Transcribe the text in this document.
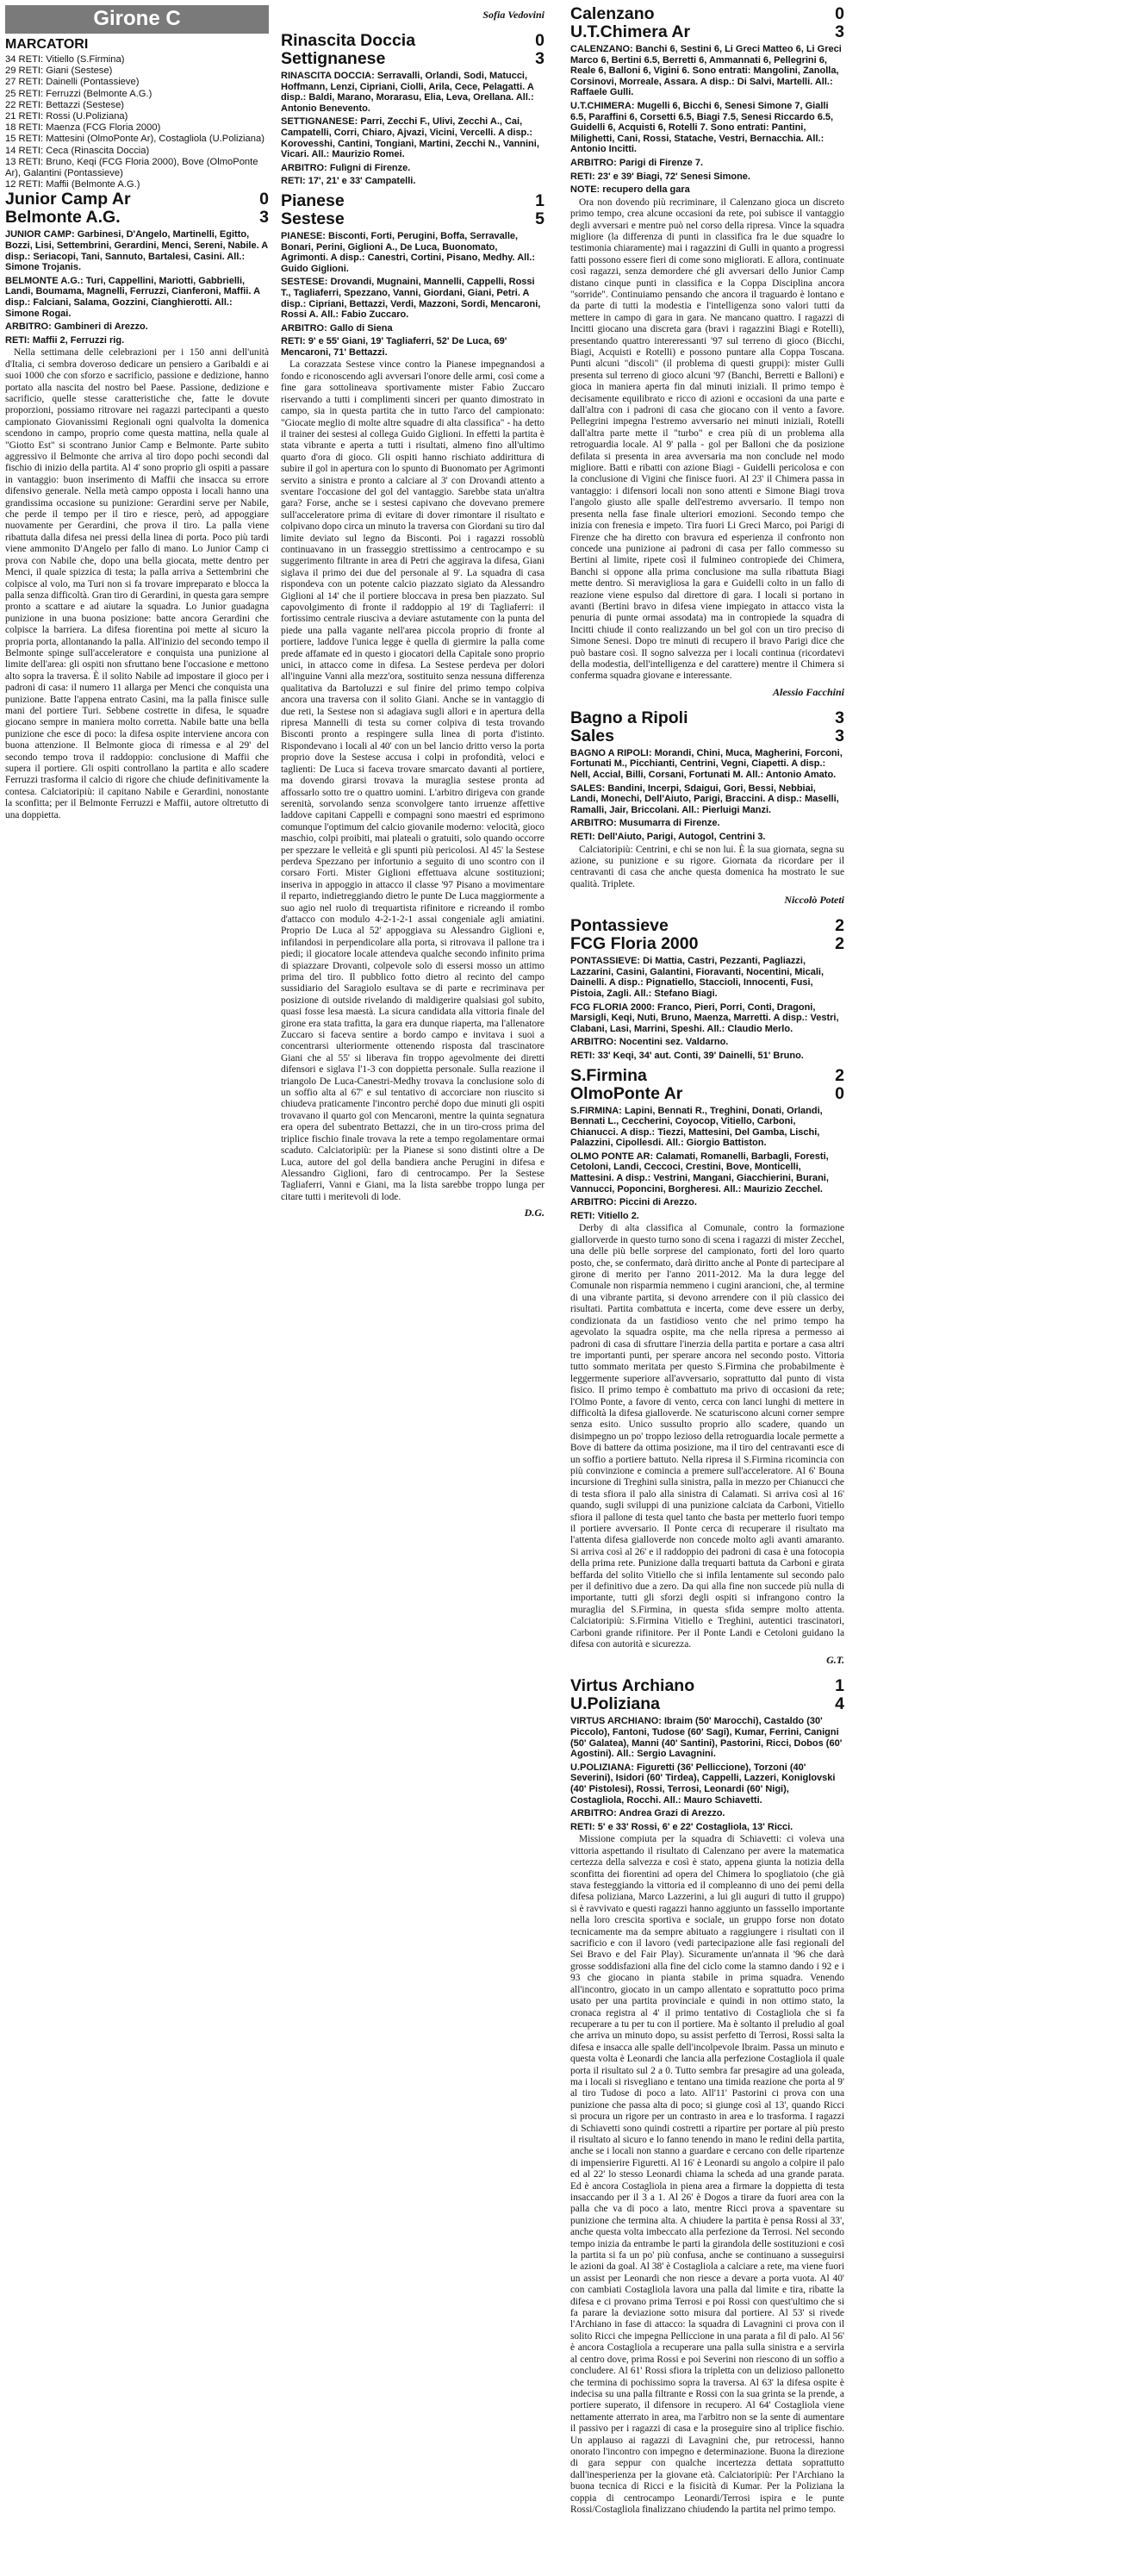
Girone C
MARCATORI

34 RETI: Vitiello (S.Firmina)

29 RETI: Giani (Sestese)

27 RETI: Dainelli (Pontassieve)

25 RETI: Ferruzzi (Belmonte A.G.)

22 RETI: Bettazzi (Sestese)

21 RETI: Rossi (U.Poliziana)

18 RETI: Maenza (FCG Floria 2000)

15 RETI: Mattesini (OlmoPonte Ar), Costagliola (U.Poliziana)

14 RETI: Ceca (Rinascita Doccia)

13 RETI: Bruno, Keqi (FCG Floria 2000), Bove (OlmoPonte Ar), Galantini (Pontassieve)

12 RETI: Maffii (Belmonte A.G.)

Junior Camp Ar	0
Belmonte A.G.	3

JUNIOR CAMP: Garbinesi, D'Angelo, Martinelli, Egitto, Bozzi, Lisi, Settembrini, Gerardini, Menci, Sereni, Nabile. A disp.: Seriacopi, Tani, Sannuto, Bartalesi, Casini. All.: Simone Trojanis.

BELMONTE A.G.: Turi, Cappellini, Mariotti, Gabbrielli, Landi, Boumama, Magnelli, Ferruzzi, Cianferoni, Maffii. A disp.: Falciani, Salama, Gozzini, Cianghierotti. All.: Simone Rogai.

ARBITRO: Gambineri di Arezzo.

RETI: Maffii 2, Ferruzzi rig.

Nella settimana delle celebrazioni per i 150 anni dell'unità d'Italia, ci sembra doveroso dedicare un pensiero a Garibaldi e ai suoi 1000 che con sforzo e sacrificio, passione e dedizione, hanno portato alla nascita del nostro bel Paese. Passione, dedizione e sacrificio, quelle stesse caratteristiche che, fatte le dovute proporzioni, possiamo ritrovare nei ragazzi partecipanti a questo campionato Giovanissimi Regionali ogni qualvolta la domenica scendono in campo, proprio come questa mattina, nella quale al "Giotto Est" si scontrano Junior Camp e Belmonte. Parte subito aggressivo il Belmonte che arriva al tiro dopo pochi secondi dal fischio di inizio della partita. Al 4' sono proprio gli ospiti a passare in vantaggio: buon inserimento di Maffii che insacca su errore difensivo generale. Nella metà campo opposta i locali hanno una grandissima occasione su punizione: Gerardini serve per Nabile, che perde il tempo per il tiro e riesce, però, ad appoggiare nuovamente per Gerardini, che prova il tiro. La palla viene ribattuta dalla difesa nei pressi della linea di porta. Poco più tardi viene ammonito D'Angelo per fallo di mano. Lo Junior Camp ci prova con Nabile che, dopo una bella giocata, mette dentro per Menci, il quale spizzica di testa; la palla arriva a Settembrini che colpisce al volo, ma Turi non si fa trovare impreparato e blocca la palla senza difficoltà. Gran tiro di Gerardini, in questa gara sempre pronto a scattare e ad aiutare la squadra. Lo Junior guadagna punizione in una buona posizione: batte ancora Gerardini che colpisce la barriera. La difesa fiorentina poi mette al sicuro la propria porta, allontanando la palla. All'inizio del secondo tempo il Belmonte spinge sull'acceleratore e conquista una punizione al limite dell'area: gli ospiti non sfruttano bene l'occasione e mettono alto sopra la traversa. È il solito Nabile ad impostare il gioco per i padroni di casa: il numero 11 allarga per Menci che conquista una punizione. Batte l'appena entrato Casini, ma la palla finisce sulle mani del portiere Turi. Sebbene costrette in difesa, le squadre giocano sempre in maniera molto corretta. Nabile batte una bella punizione che esce di poco: la difesa ospite interviene ancora con buona attenzione. Il Belmonte gioca di rimessa e al 29' del secondo tempo trova il raddoppio: conclusione di Maffii che supera il portiere. Gli ospiti controllano la partita e allo scadere Ferruzzi trasforma il calcio di rigore che chiude definitivamente la contesa. Calciatoripiù: il capitano Nabile e Gerardini, nonostante la sconfitta; per il Belmonte Ferruzzi e Maffii, autore oltretutto di una doppietta.

Sofia Vedovini
Rinascita Doccia	0
Settignanese	3

RINASCITA DOCCIA: Serravalli, Orlandi, Sodi, Matucci, Hoffmann, Lenzi, Cipriani, Ciolli, Arila, Cece, Pelagatti. A disp.: Baldi, Marano, Morarasu, Elia, Leva, Orellana. All.: Antonio Benevento.

SETTIGNANESE: Parri, Zecchi F., Ulivi, Zecchi A., Cai, Campatelli, Corri, Chiaro, Ajvazi, Vicini, Vercelli. A disp.: Korovesshi, Cantini, Tongiani, Martini, Zecchi N., Vannini, Vicari. All.: Maurizio Romei.

ARBITRO: Fulìgni di Firenze.

RETI: 17', 21' e 33' Campatelli.

Pianese	1
Sestese	5

PIANESE: Bisconti, Forti, Perugini, Boffa, Serravalle, Bonari, Perini, Giglioni A., De Luca, Buonomato, Agrimonti. A disp.: Canestri, Cortini, Pisano, Medhy. All.: Guido Giglioni.

SESTESE: Drovandi, Mugnaini, Mannelli, Cappelli, Rossi T., Tagliaferri, Spezzano, Vanni, Giordani, Giani, Petri. A disp.: Cipriani, Bettazzi, Verdi, Mazzoni, Sordi, Mencaroni, Rossi A. All.: Fabio Zuccaro.

ARBITRO: Gallo di Siena

RETI: 9' e 55' Giani, 19' Tagliaferri, 52' De Luca, 69' Mencaroni, 71' Bettazzi.

La corazzata Sestese vince contro la Pianese impegnandosi a fondo e riconoscendo agli avversari l'onore delle armi, così come a fine gara sottolineava sportivamente mister Fabio Zuccaro riservando a tutti i complimenti sinceri per quanto dimostrato in campo, sia in questa partita che in tutto l'arco del campionato: "Giocate meglio di molte altre squadre di alta classifica" - ha detto il trainer dei sestesi al collega Guido Giglioni. In effetti la partita è stata vibrante e aperta a tutti i risultati, almeno fino all'ultimo quarto d'ora di gioco. Gli ospiti hanno rischiato addirittura di subire il gol in apertura con lo spunto di Buonomato per Agrimonti servito a sinistra e pronto a calciare al 3' con Drovandi attento a sventare l'occasione del gol del vantaggio. Sarebbe stata un'altra gara? Forse, anche se i sestesi capivano che dovevano premere sull'acceleratore prima di evitare di dover rimontare il risultato e colpivano dopo circa un minuto la traversa con Giordani su tiro dal limite deviato sul legno da Bisconti. Poi i ragazzi rossoblù continuavano in un frasseggio strettissimo a centrocampo e su suggerimento filtrante in area di Petri che aggirava la difesa, Giani siglava il primo dei due del personale al 9'. La squadra di casa rispondeva con un potente calcio piazzato sigiato da Alessandro Giglioni al 14' che il portiere bloccava in presa ben piazzato. Sul capovolgimento di fronte il raddoppio al 19' di Tagliaferri: il fortissimo centrale riusciva a deviare astutamente con la punta del piede una palla vagante nell'area piccola proprio di fronte al portiere, laddove l'unica legge è quella di giermire la palla come prede affamate ed in questo i giocatori della Capitale sono proprio unici, in attacco come in difesa. La Sestese perdeva per dolori all'inguine Vanni alla mezz'ora, sostituito senza nessuna differenza qualitativa da Bartoluzzi e sul finire del primo tempo colpiva ancora una traversa con il solito Giani. Anche se in vantaggio di due reti, la Sestese non si adagiava sugli allori e in apertura della ripresa Mannelli di testa su corner colpiva di testa trovando Bisconti pronto a respingere sulla linea di porta d'istinto. Rispondevano i locali al 40' con un bel lancio dritto verso la porta proprio dove la Sestese accusa i colpi in profondità, veloci e taglienti: De Luca si faceva trovare smarcato davanti al portiere, ma dovendo girarsi trovava la muraglia sestese pronta ad affossarlo sotto tre o quattro uomini. L'arbitro dirigeva con grande serenità, sorvolando senza sconvolgere tanto irruenze affettive laddove capitani Cappelli e compagni sono maestri ed esprimono comunque l'optimum del calcio giovanile moderno: velocità, gioco maschio, colpi proibiti, mai plateali o gratuiti, solo quando occorre per spezzare le velleità e gli spunti più pericolosi. Al 45' la Sestese perdeva Spezzano per infortunio a seguito di uno scontro con il corsaro Forti. Mister Giglioni effettuava alcune sostituzioni; inseriva in appoggio in attacco il classe '97 Pisano a movimentare il reparto, indietreggiando dietro le punte De Luca maggiormente a suo agio nel ruolo di trequartista rifinitore e ricreando il rombo d'attacco con modulo 4-2-1-2-1 assai congeniale agli amiatini. Proprio De Luca al 52' appoggiava su Alessandro Giglioni e, infilandosi in perpendicolare alla porta, si ritrovava il pallone tra i piedi; il giocatore locale attendeva qualche secondo infinito prima di spiazzare Drovanti, colpevole solo di essersi mosso un attimo prima del tiro. Il pubblico fotto dietro al recinto del campo sussidiario del Saragiolo esultava se di parte e recriminava per posizione di outside rivelando di maldigerire qualsiasi gol subito, quasi fosse lesa maestà. La sicura candidata alla vittoria finale del girone era stata trafitta, la gara era dunque riaperta, ma l'allenatore Zuccaro si faceva sentire a bordo campo e invitava i suoi a concentrarsi ulteriormente ottenendo risposta dal trascinatore Giani che al 55' si liberava fin troppo agevolmente dei diretti difensori e siglava l'1-3 con doppietta personale. Sulla reazione il triangolo De Luca-Canestri-Medhy trovava la conclusione solo di un soffio alta al 67' e sul tentativo di accorciare non riuscito si chiudeva praticamente l'incontro perché dopo due minuti gli ospiti trovavano il quarto gol con Mencaroni, mentre la quinta segnatura era opera del subentrato Bettazzi, che in un tiro-cross prima del triplice fischio finale trovava la rete a tempo regolamentare ormai scaduto. Calciatoripiù: per la Pianese si sono distinti oltre a De Luca, autore del gol della bandiera anche Perugini in difesa e Alessandro Giglioni, faro di centrocampo. Per la Sestese Tagliaferri, Vanni e Giani, ma la lista sarebbe troppo lunga per citare tutti i meritevoli di lode.

D.G.
Calenzano	0
U.T.Chimera Ar	3

CALENZANO: Banchi 6, Sestini 6, Li Greci Matteo 6, Li Greci Marco 6, Bertini 6.5, Berretti 6, Ammannati 6, Pellegrini 6, Reale 6, Balloni 6, Vigini 6. Sono entrati: Mangolini, Zanolla, Corsinovi, Morreale, Assara. A disp.: Di Salvi, Martelli. All.: Raffaele Gulli.

U.T.CHIMERA: Mugelli 6, Bicchi 6, Senesi Simone 7, Gialli 6.5, Paraffini 6, Corsetti 6.5, Biagi 7.5, Senesi Riccardo 6.5, Guidelli 6, Acquisti 6, Rotelli 7. Sono entrati: Pantini, Milighetti, Cani, Rossi, Statache, Vestri, Bernacchia. All.: Antonio Incitti.

ARBITRO: Parigi di Firenze 7.

RETI: 23' e 39' Biagi, 72' Senesi Simone.

NOTE: recupero della gara

Ora non dovendo più recriminare, il Calenzano gioca un discreto primo tempo, crea alcune occasioni da rete, poi subisce il vantaggio degli avversari e mentre può nel corso della ripresa. Vince la squadra migliore (la differenza di punti in classifica fra le due squadre lo testimonia chiaramente) mai i ragazzini di Gulli in quanto a progressi fatti possono essere fieri di come sono migliorati. E allora, continuate così ragazzi, senza demordere ché gli avversari dello Junior Camp distano cinque punti in classifica e la Coppa Disciplina ancora "sorride". Continuiamo pensando che ancora il traguardo è lontano e da parte di tutti la modestia e l'intelligenza sono valori tutti da mettere in campo di gara in gara. Ne mancano quattro. I ragazzi di Incitti giocano una discreta gara (bravi i ragazzini Biagi e Rotelli), presentando quattro intereressanti '97 sul terreno di gioco (Bicchi, Biagi, Acquisti e Rotelli) e possono puntare alla Coppa Toscana. Punti alcuni "discoli" (il problema di questi gruppi): mister Gulli presenta sul terreno di gioco alcuni '97 (Banchi, Berretti e Balloni) e gioca in maniera aperta fin dal minuti iniziali. Il primo tempo è decisamente equilibrato e ricco di azioni e occasioni da una parte e dall'altra con i padroni di casa che giocano con il vento a favore. Pellegrini impegna l'estremo avversario nei minuti iniziali, Rotelli dall'altra parte mette il "turbo" e crea più di un problema alla retroguardia locale. Al 9' palla - gol per Balloni che da posizione defilata si presenta in area avversaria ma non conclude nel modo migliore. Batti e ribatti con azione Biagi - Guidelli pericolosa e con la conclusione di Vigini che finisce fuori. Al 23' il Chimera passa in vantaggio: i difensori locali non sono attenti e Simone Biagi trova l'angolo giusto alle spalle dell'estremo avversario. Il tempo non presenta nella fase finale ulteriori emozioni. Secondo tempo che inizia con frenesia e impeto. Tira fuori Li Greci Marco, poi Parigi di Firenze che ha diretto con bravura ed esperienza il confronto non concede una punizione ai padroni di casa per fallo commesso su Bertini al limite, ripete così il fulmineo contropiede dei Chimera, Banchi si oppone alla prima conclusione ma sulla ribattuta Biagi mette dentro. Sì meravigliosa la gara e Guidelli colto in un fallo di reazione viene espulso dal direttore di gara. I locali si portano in avanti (Bertini bravo in difesa viene impiegato in attacco vista la penuria di punte ormai assodata) ma in contropiede la squadra di Incitti chiude il conto realizzando un bel gol con un tiro preciso di Simone Senesi. Dopo tre minuti di recupero il bravo Parigi dice che può bastare così. Il sogno salvezza per i locali continua (ricordatevi della modestia, dell'intelligenza e del carattere) mentre il Chimera si conferma squadra giovane e interessante.

Alessio Facchini
Bagno a Ripoli	3
Sales	3

BAGNO A RIPOLI: Morandi, Chini, Muca, Magherini, Forconi, Fortunati M., Picchianti, Centrini, Vegni, Ciapetti. A disp.: Nell, Accial, Billi, Corsani, Fortunati M. All.: Antonio Amato.

SALES: Bandini, Incerpi, Sdaigui, Gori, Bessi, Nebbiai, Landi, Monechi, Dell'Aiuto, Parigi, Braccini. A disp.: Maselli, Ramalli, Jair, Briccolani. All.: Pierluigi Manzi.

ARBITRO: Musumarra di Firenze.

RETI: Dell'Aiuto, Parigi, Autogol, Centrini 3.

Calciatoripiù: Centrini, e chi se non lui. È la sua giornata, segna su azione, su punizione e su rigore. Giornata da ricordare per il centravanti di casa che anche questa domenica ha mostrato le sue qualità. Triplete.

Niccolò Poteti
Pontassieve	2
FCG Floria 2000	2

PONTASSIEVE: Di Mattia, Castri, Pezzanti, Pagliazzi, Lazzarini, Casini, Galantini, Fioravanti, Nocentini, Micali, Dainelli. A disp.: Pignatiello, Staccioli, Innocenti, Fusi, Pistoia, Zagli. All.: Stefano Biagi.

FCG FLORIA 2000: Franco, Pieri, Porri, Conti, Dragoni, Marsigli, Keqi, Nuti, Bruno, Maenza, Marretti. A disp.: Vestri, Clabani, Lasi, Marrini, Speshi. All.: Claudio Merlo.

ARBITRO: Nocentini sez. Valdarno.

RETI: 33' Keqi, 34' aut. Conti, 39' Dainelli, 51' Bruno.

S.Firmina	2
OlmoPonte Ar	0

S.FIRMINA: Lapini, Bennati R., Treghini, Donati, Orlandi, Bennati L., Ceccherini, Coyocop, Vitiello, Carboni, Chianucci. A disp.: Tiezzi, Mattesini, Del Gamba, Lischi, Palazzini, Cipollesdi. All.: Giorgio Battiston.

OLMO PONTE AR: Calamati, Romanelli, Barbagli, Foresti, Cetoloni, Landi, Ceccoci, Crestini, Bove, Monticelli, Mattesini. A disp.: Vestrini, Mangani, Giacchierini, Burani, Vannucci, Poponcini, Borgheresi. All.: Maurizio Zecchel.

ARBITRO: Piccini di Arezzo.

RETI: Vitiello 2.

Derby di alta classifica al Comunale, contro la formazione giallorverde in questo turno sono di scena i ragazzi di mister Zecchel, una delle più belle sorprese del campionato, forti del loro quarto posto, che, se confermato, darà diritto anche al Ponte di partecipare al girone di merito per l'anno 2011-2012. Ma la dura legge del Comunale non risparmia nemmeno i cugini arancioni, che, al termine di una vibrante partita, si devono arrendere con il più classico dei risultati. Partita combattuta e incerta, come deve essere un derby, condizionata da un fastidioso vento che nel primo tempo ha agevolato la squadra ospite, ma che nella ripresa a permesso ai padroni di casa di sfruttare l'inerzia della partita e portare a casa altri tre importanti punti, per sperare ancora nel secondo posto. Vittoria tutto sommato meritata per questo S.Firmina che probabilmente è leggermente superiore all'avversario, soprattutto dal punto di vista fisico. Il primo tempo è combattuto ma privo di occasioni da rete; l'Olmo Ponte, a favore di vento, cerca con lanci lunghi di mettere in difficoltà la difesa gialloverde. Ne scaturiscono alcuni corner sempre senza esito. Unico sussulto proprio allo scadere, quando un disimpegno un po' troppo lezioso della retroguardia locale permette a Bove di battere da ottima posizione, ma il tiro del centravanti esce di un soffio a portiere battuto. Nella ripresa il S.Firmina ricomincia con più convinzione e comincia a premere sull'acceleratore. Al 6' Bouna incursione di Treghini sulla sinistra, palla in mezzo per Chianucci che di testa sfiora il palo alla sinistra di Calamati. Si arriva così al 16' quando, sugli sviluppi di una punizione calciata da Carboni, Vitiello sfiora il pallone di testa quel tanto che basta per metterlo fuori tempo il portiere avversario. Il Ponte cerca di recuperare il risultato ma l'attenta difesa gialloverde non concede molto agli avanti amaranto. Si arriva così al 26' e il raddoppio dei padroni di casa è una fotocopia della prima rete. Punizione dalla trequarti battuta da Carboni e girata beffarda del solito Vitiello che si infila lentamente sul secondo palo per il definitivo due a zero. Da qui alla fine non succede più nulla di importante, tutti gli sforzi degli ospiti si infrangono contro la muraglia del S.Firmina, in questa sfida sempre molto attenta. Calciatoripiù: S.Firmina Vitiello e Treghini, autentici trascinatori, Carboni grande rifinitore. Per il Ponte Landi e Cetoloni guidano la difesa con autorità e sicurezza.

G.T.
Virtus Archiano	1
U.Poliziana	4

VIRTUS ARCHIANO: Ibraim (50' Marocchi), Castaldo (30' Piccolo), Fantoni, Tudose (60' Sagi), Kumar, Ferrini, Canigni (50' Galatea), Manni (40' Santini), Pastorini, Ricci, Dobos (60' Agostini). All.: Sergio Lavagnini.

U.POLIZIANA: Figuretti (36' Pelliccione), Torzoni (40' Severini), Isidori (60' Tirdea), Cappelli, Lazzeri, Koniglovski (40' Pistolesi), Rossi, Terrosi, Leonardi (60' Nigi), Costagliola, Rocchi. All.: Mauro Schiavetti.

ARBITRO: Andrea Grazi di Arezzo.

RETI: 5' e 33' Rossi, 6' e 22' Costagliola, 13' Ricci.

Missione compiuta per la squadra di Schiavetti: ci voleva una vittoria aspettando il risultato di Calenzano per avere la matematica certezza della salvezza e così è stato, appena giunta la notizia della sconfitta dei fiorentini ad opera del Chimera lo spogliatoio (che già stava festeggiando la vittoria ed il compleanno di uno dei pemi della difesa poliziana, Marco Lazzerini, a lui gli auguri di tutto il gruppo) si è ravvivato e questi ragazzi hanno aggiunto un fasssello importante nella loro crescita sportiva e sociale, un gruppo forse non dotato tecnicamente ma da sempre abituato a raggiungere i risultati con il sacrificio e con il lavoro (vedi partecipazione alle fasi regionali del Sei Bravo e del Fair Play). Sicuramente un'annata il '96 che darà grosse soddisfazioni alla fine del ciclo come la stamno dando i 92 e i 93 che giocano in pianta stabile in prima squadra. Venendo all'incontro, giocato in un campo allentato e soprattutto poco prima usato per una partita provinciale e quindi in non ottimo stato, la cronaca registra al 4' il primo tentativo di Costagliola che si fa recuperare a tu per tu con il portiere. Ma è soltanto il preludio al goal che arriva un minuto dopo, su assist perfetto di Terrosi, Rossi salta la difesa e insacca alle spalle dell'incolpevole Ibraim. Passa un minuto e questa volta è Leonardi che lancia alla perfezione Costagliola il quale porta il risultato sul 2 a 0. Tutto sembra far presagire ad una goleada, ma i locali si risvegliano e tentano una timida reazione che porta al 9' al tiro Tudose di poco a lato. All'11' Pastorini ci prova con una punizione che passa alta di poco; si giunge così al 13', quando Ricci si procura un rigore per un contrasto in area e lo trasforma. I ragazzi di Schiavetti sono quindi costretti a ripartire per portare al più presto il risultato al sicuro e lo fanno tenendo in mano le redini della partita, anche se i locali non stanno a guardare e cercano con delle ripartenze di impensierire Figuretti. Al 16' è Leonardi su angolo a colpire il palo ed al 22' lo stesso Leonardi chiama la scheda ad una grande parata. Ed è ancora Costagliola in piena area a firmare la doppietta di testa insaccando per il 3 a 1. Al 26' è Dogos a tirare da fuori area con la palla che va di poco a lato, mentre Ricci prova a spaventare su punizione che termina alta. A chiudere la partita è pensa Rossi al 33', anche questa volta imbeccato alla perfezione da Terrosi. Nel secondo tempo inizia da entrambe le parti la girandola delle sostituzioni e così la partita si fa un po' più confusa, anche se continuano a susseguirsi le azioni da goal. Al 38' è Costagliola a calciare a rete, ma viene fuori un assist per Leonardi che non riesce a devare a porta vuota. Al 40' con cambiati Costagliola lavora una palla dal limite e tira, ribatte la difesa e ci provano prima Terrosi e poi Rossi con quest'ultimo che si fa parare la deviazione sotto misura dal portiere. Al 53' si rivede l'Archiano in fase di attacco: la squadra di Lavagnini ci prova con il solito Ricci che impegna Pelliccione in una parata a fil di palo. Al 56' è ancora Costagliola a recuperare una palla sulla sinistra e a servirla al centro dove, prima Rossi e poi Severini non riescono di un soffio a concludere. Al 61' Rossi sfiora la tripletta con un delizioso pallonetto che termina di pochissimo sopra la traversa. Al 63' la difesa ospite è indecisa su una palla filtrante e Rossi con la sua grinta se la prende, a portiere superato, il difensore in recupero. Al 64' Costagliola viene nettamente atterrato in area, ma l'arbitro non se la sente di aumentare il passivo per i ragazzi di casa e la proseguire sino al triplice fischio. Un applauso ai ragazzi di Lavagnini che, pur retrocessi, hanno onorato l'incontro con impegno e determinazione. Buona la direzione di gara seppur con qualche incertezza dettata soprattutto dall'inesperienza per la giovane età. Calciatoripiù: Per l'Archiano la buona tecnica di Ricci e la fisicità di Kumar. Per la Poliziana la coppia di centrocampo Leonardi/Terrosi ispira e le punte Rossi/Costagliola finalizzano chiudendo la partita nel primo tempo.
